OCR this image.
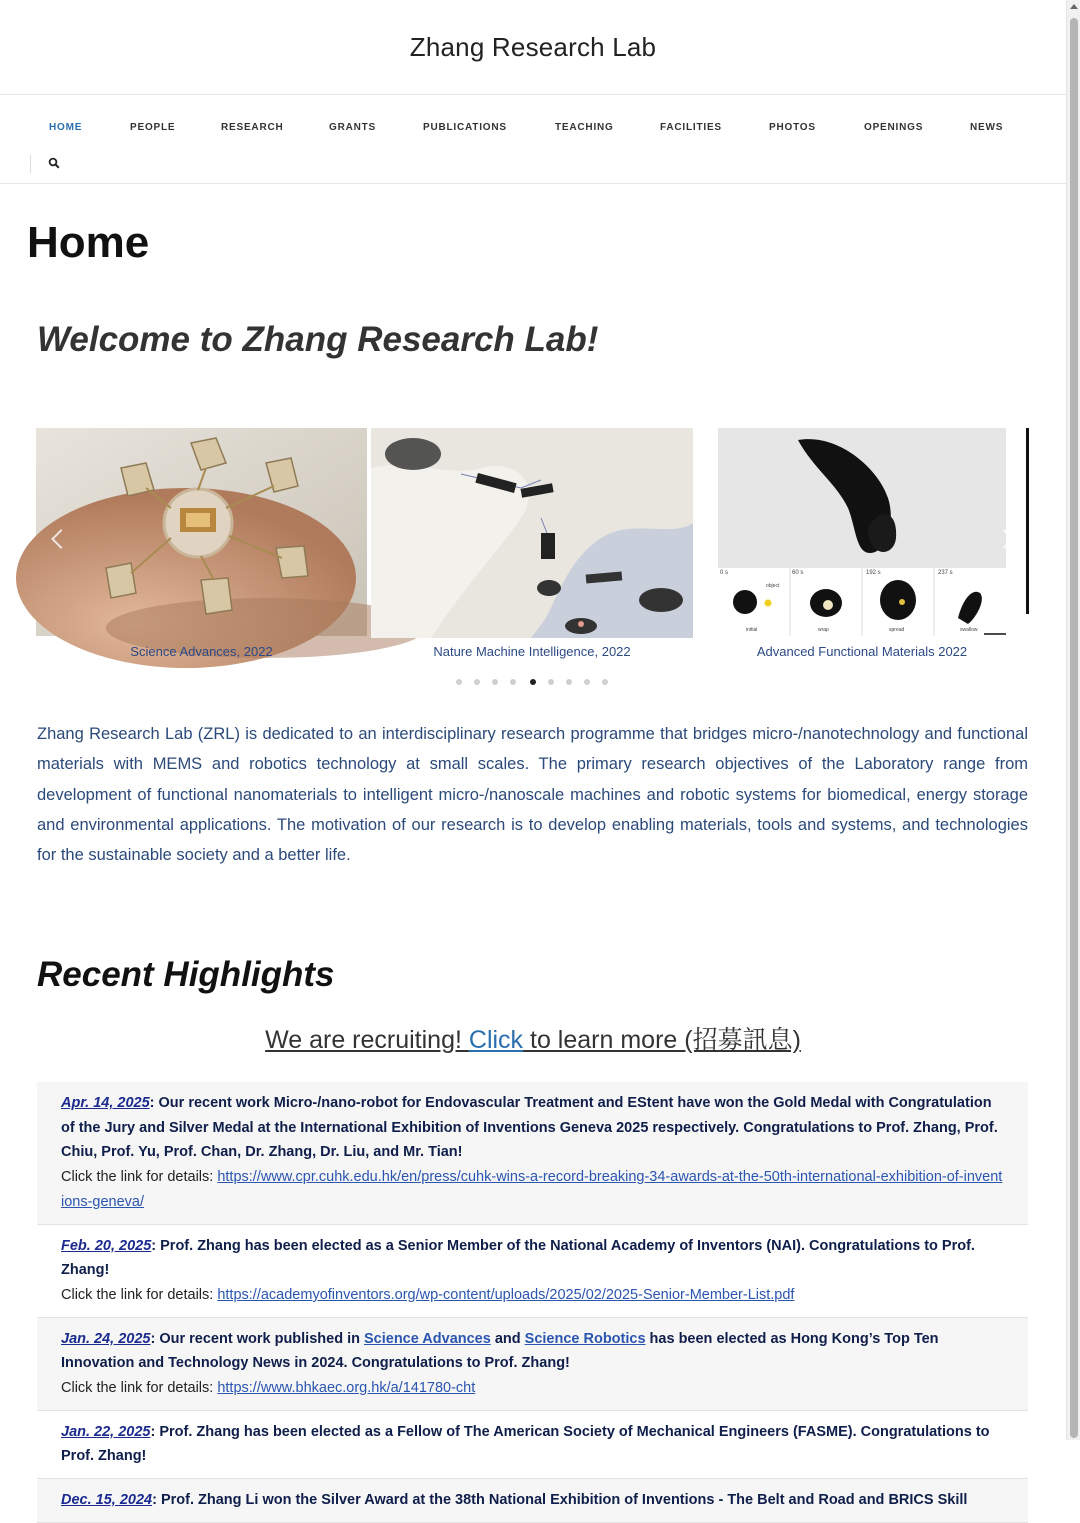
Zhang Research Lab
HOME	PEOPLE	RESEARCH	GRANTS	PUBLICATIONS	TEACHING	FACILITIES	PHOTOS	OPENINGS	NEWS
Home
Welcome to Zhang Research Lab!
Science Advances, 2022	Nature Machine Intelligence, 2022
0 s	60 s	192 s	237 s
object
initial	wrap	spread	swallow
Advanced Functional Materials 2022

Zhang Research Lab (ZRL) is dedicated to an interdisciplinary research programme that bridges micro-/nanotechnology and functional materials with MEMS and robotics technology at small scales. The primary research objectives of the Laboratory range from development of functional nanomaterials to intelligent micro-/nanoscale machines and robotic systems for biomedical, energy storage and environmental applications. The motivation of our research is to develop enabling materials, tools and systems, and technologies for the sustainable society and a better life.

Recent Highlights
We are recruiting! Click to learn more (招募訊息)
Apr. 14, 2025: Our recent work Micro-/nano-robot for Endovascular Treatment and EStent have won the Gold Medal with Congratulation of the Jury and Silver Medal at the International Exhibition of Inventions Geneva 2025 respectively. Congratulations to Prof. Zhang, Prof. Chiu, Prof. Yu, Prof. Chan, Dr. Zhang, Dr. Liu, and Mr. Tian!
Click the link for details: https://www.cpr.cuhk.edu.hk/en/press/cuhk-wins-a-record-breaking-34-awards-at-the-50th-international-exhibition-of-inventions-geneva/
Feb. 20, 2025: Prof. Zhang has been elected as a Senior Member of the National Academy of Inventors (NAI). Congratulations to Prof. Zhang!
Click the link for details: https://academyofinventors.org/wp-content/uploads/2025/02/2025-Senior-Member-List.pdf
Jan. 24, 2025: Our recent work published in Science Advances and Science Robotics has been elected as Hong Kong’s Top Ten Innovation and Technology News in 2024. Congratulations to Prof. Zhang!
Click the link for details: https://www.bhkaec.org.hk/a/141780-cht
Jan. 22, 2025: Prof. Zhang has been elected as a Fellow of The American Society of Mechanical Engineers (FASME). Congratulations to Prof. Zhang!
Dec. 15, 2024: Prof. Zhang Li won the Silver Award at the 38th National Exhibition of Inventions - The Belt and Road and BRICS Skill
